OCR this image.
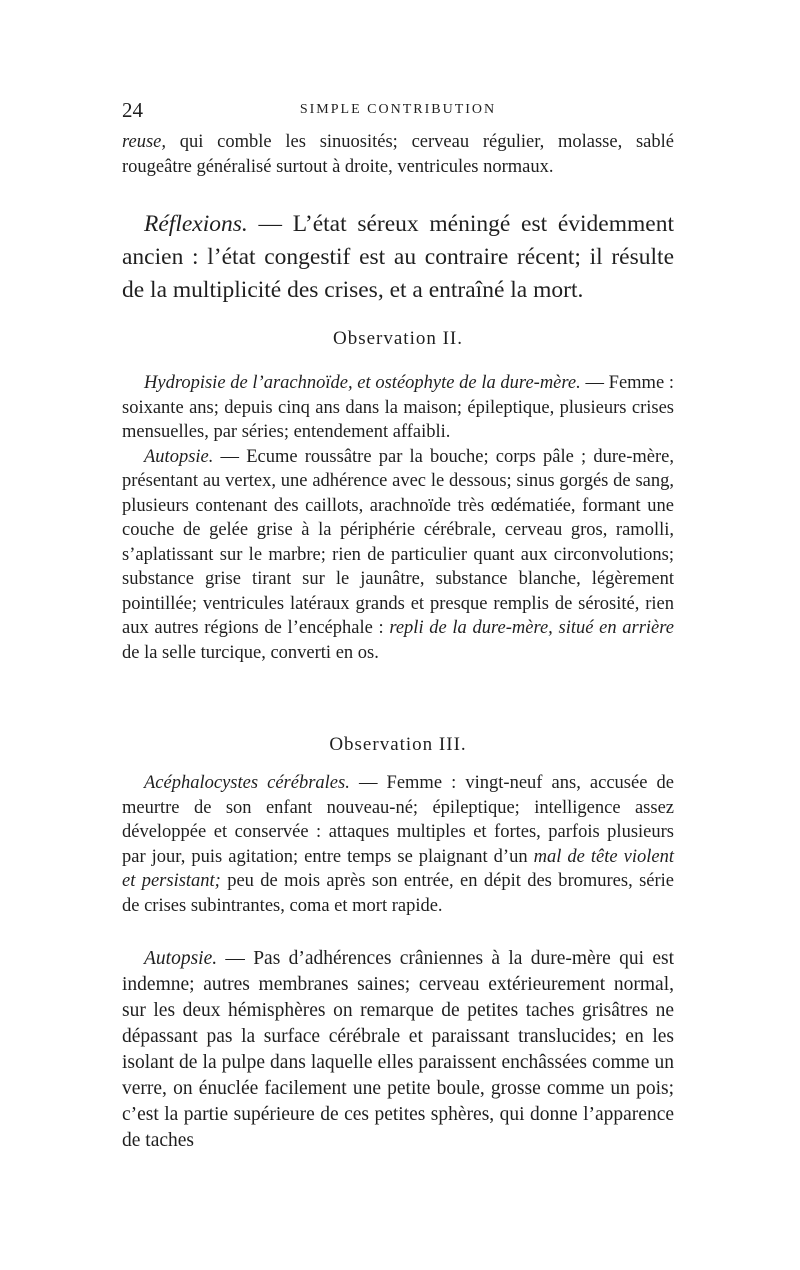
24	SIMPLE CONTRIBUTION

reuse, qui comble les sinuosités; cerveau régulier, molasse, sablé rougeâtre généralisé surtout à droite, ventricules normaux.

Réflexions. — L’état séreux méningé est évidemment ancien : l’état congestif est au contraire récent; il résulte de la multiplicité des crises, et a entraîné la mort.

Observation II.

Hydropisie de l’arachnoïde, et ostéophyte de la dure-mère. — Femme : soixante ans; depuis cinq ans dans la maison; épileptique, plusieurs crises mensuelles, par séries; entendement affaibli.

Autopsie. — Ecume roussâtre par la bouche; corps pâle ; dure-mère, présentant au vertex, une adhérence avec le dessous; sinus gorgés de sang, plusieurs contenant des caillots, arachnoïde très œdématiée, formant une couche de gelée grise à la périphérie cérébrale, cerveau gros, ramolli, s’aplatissant sur le marbre; rien de particulier quant aux circonvolutions; substance grise tirant sur le jaunâtre, substance blanche, légèrement pointillée; ventricules latéraux grands et presque remplis de sérosité, rien aux autres régions de l’encéphale : repli de la dure-mère, situé en arrière de la selle turcique, converti en os.

Observation III.

Acéphalocystes cérébrales. — Femme : vingt-neuf ans, accusée de meurtre de son enfant nouveau-né; épileptique; intelligence assez développée et conservée : attaques multiples et fortes, parfois plusieurs par jour, puis agitation; entre temps se plaignant d’un mal de tête violent et persistant; peu de mois après son entrée, en dépit des bromures, série de crises subintrantes, coma et mort rapide.

Autopsie. — Pas d’adhérences crâniennes à la dure-mère qui est indemne; autres membranes saines; cerveau extérieurement normal, sur les deux hémisphères on remarque de petites taches grisâtres ne dépassant pas la surface cérébrale et paraissant translucides; en les isolant de la pulpe dans laquelle elles paraissent enchâssées comme un verre, on énuclée facilement une petite boule, grosse comme un pois; c’est la partie supérieure de ces petites sphères, qui donne l’apparence de taches
